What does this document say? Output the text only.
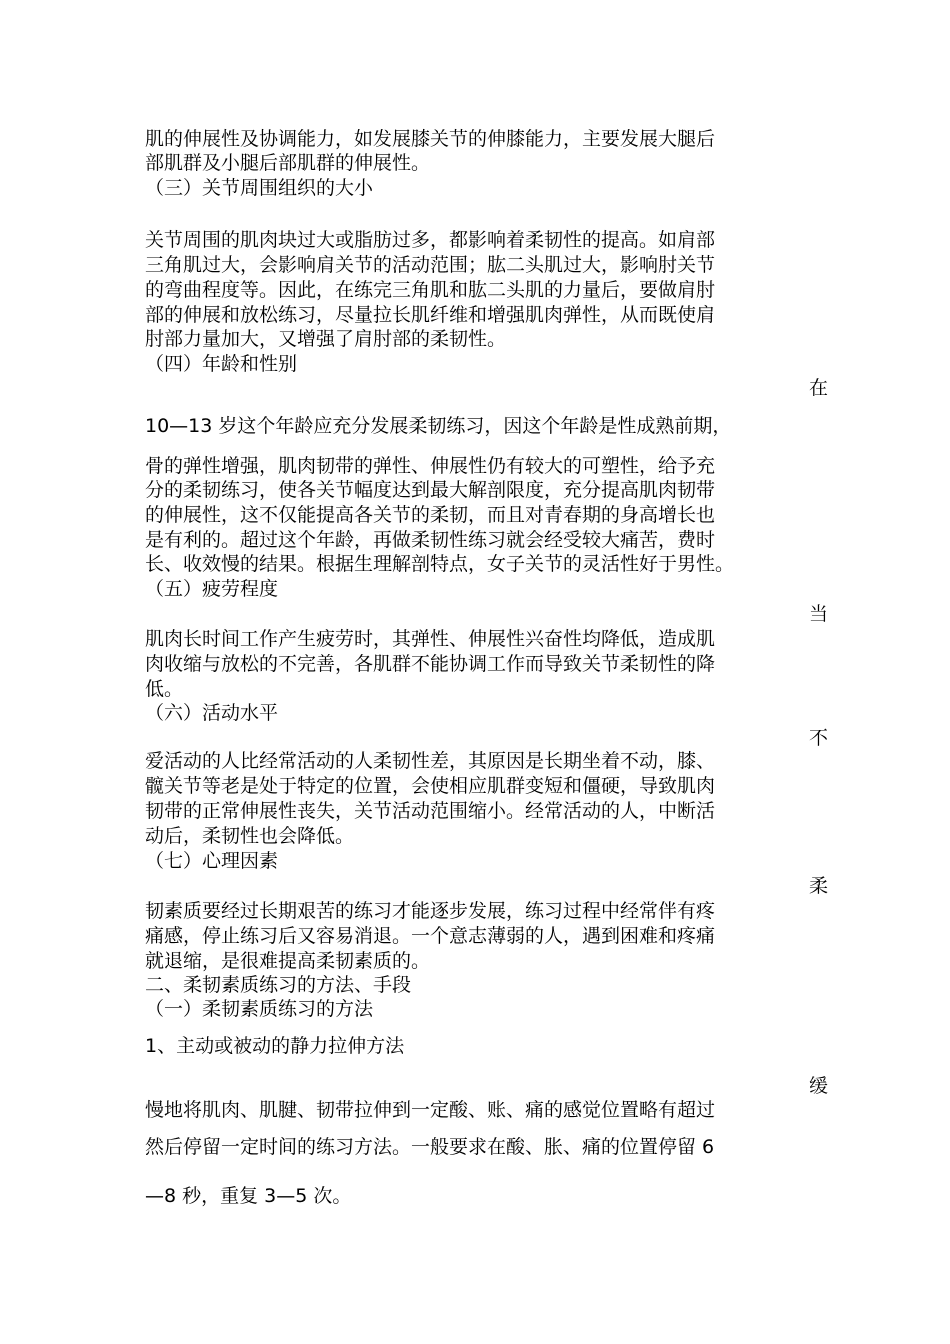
肌的伸展性及协调能力，如发展膝关节的伸膝能力，主要发展大腿后
部肌群及小腿后部肌群的伸展性。
（三）关节周围组织的大小
关节周围的肌肉块过大或脂肪过多，都影响着柔韧性的提高。如肩部
三角肌过大，会影响肩关节的活动范围；肱二头肌过大，影响肘关节
的弯曲程度等。因此，在练完三角肌和肱二头肌的力量后，要做肩肘
部的伸展和放松练习，尽量拉长肌纤维和增强肌肉弹性，从而既使肩
肘部力量加大，又增强了肩肘部的柔韧性。
（四）年龄和性别
在
10—13 岁这个年龄应充分发展柔韧练习，因这个年龄是性成熟前期，
骨的弹性增强，肌肉韧带的弹性、伸展性仍有较大的可塑性，给予充
分的柔韧练习，使各关节幅度达到最大解剖限度，充分提高肌肉韧带
的伸展性，这不仅能提高各关节的柔韧，而且对青春期的身高增长也
是有利的。超过这个年龄，再做柔韧性练习就会经受较大痛苦，费时
长、收效慢的结果。根据生理解剖特点，女子关节的灵活性好于男性。
（五）疲劳程度
当
肌肉长时间工作产生疲劳时，其弹性、伸展性兴奋性均降低，造成肌
肉收缩与放松的不完善，各肌群不能协调工作而导致关节柔韧性的降
低。
（六）活动水平
不
爱活动的人比经常活动的人柔韧性差，其原因是长期坐着不动，膝、
髋关节等老是处于特定的位置，会使相应肌群变短和僵硬，导致肌肉
韧带的正常伸展性丧失，关节活动范围缩小。经常活动的人，中断活
动后，柔韧性也会降低。
（七）心理因素
柔
韧素质要经过长期艰苦的练习才能逐步发展，练习过程中经常伴有疼
痛感，停止练习后又容易消退。一个意志薄弱的人，遇到困难和疼痛
就退缩，是很难提高柔韧素质的。
二、柔韧素质练习的方法、手段
（一）柔韧素质练习的方法
1、主动或被动的静力拉伸方法
缓
慢地将肌肉、肌腱、韧带拉伸到一定酸、账、痛的感觉位置略有超过
然后停留一定时间的练习方法。一般要求在酸、胀、痛的位置停留 6
—8 秒，重复 3—5 次。
